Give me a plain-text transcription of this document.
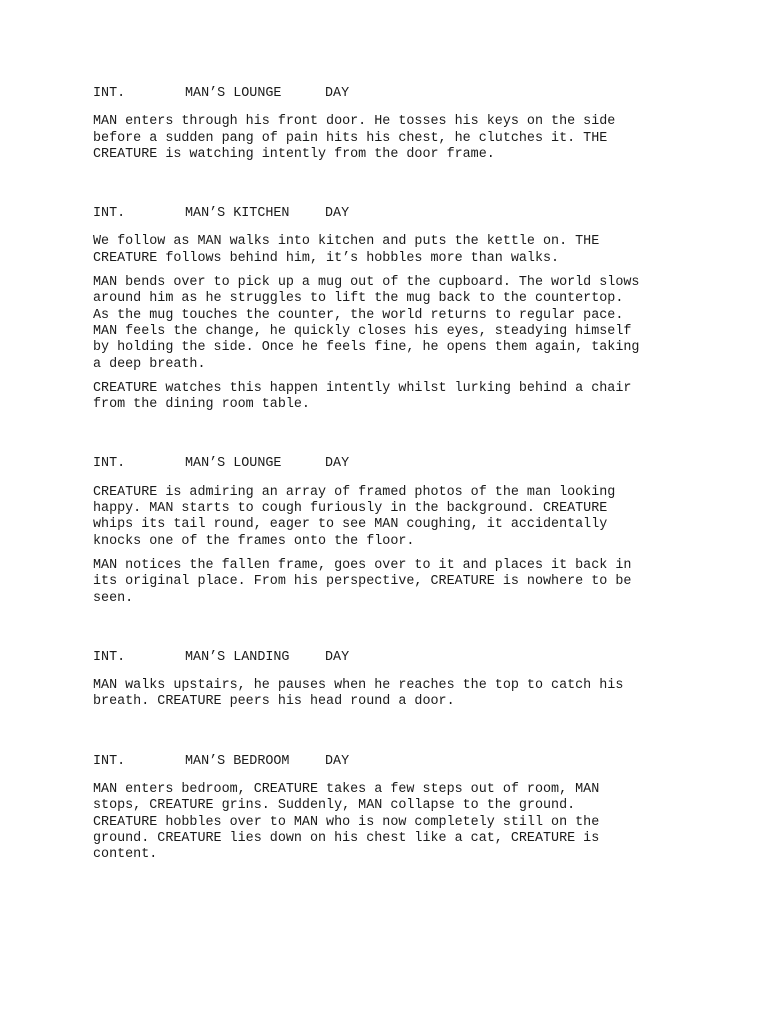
INT.	MAN’S LOUNGE	DAY

MAN enters through his front door. He tosses his keys on the side
before a sudden pang of pain hits his chest, he clutches it. THE
CREATURE is watching intently from the door frame.

INT.	MAN’S KITCHEN	DAY

We follow as MAN walks into kitchen and puts the kettle on. THE
CREATURE follows behind him, it’s hobbles more than walks.

MAN bends over to pick up a mug out of the cupboard. The world slows
around him as he struggles to lift the mug back to the countertop.
As the mug touches the counter, the world returns to regular pace.
MAN feels the change, he quickly closes his eyes, steadying himself
by holding the side. Once he feels fine, he opens them again, taking
a deep breath.

CREATURE watches this happen intently whilst lurking behind a chair
from the dining room table.

INT.	MAN’S LOUNGE	DAY

CREATURE is admiring an array of framed photos of the man looking
happy. MAN starts to cough furiously in the background. CREATURE
whips its tail round, eager to see MAN coughing, it accidentally
knocks one of the frames onto the floor.

MAN notices the fallen frame, goes over to it and places it back in
its original place. From his perspective, CREATURE is nowhere to be
seen.

INT.	MAN’S LANDING	DAY

MAN walks upstairs, he pauses when he reaches the top to catch his
breath. CREATURE peers his head round a door.

INT.	MAN’S BEDROOM	DAY

MAN enters bedroom, CREATURE takes a few steps out of room, MAN
stops, CREATURE grins. Suddenly, MAN collapse to the ground.
CREATURE hobbles over to MAN who is now completely still on the
ground. CREATURE lies down on his chest like a cat, CREATURE is
content.
